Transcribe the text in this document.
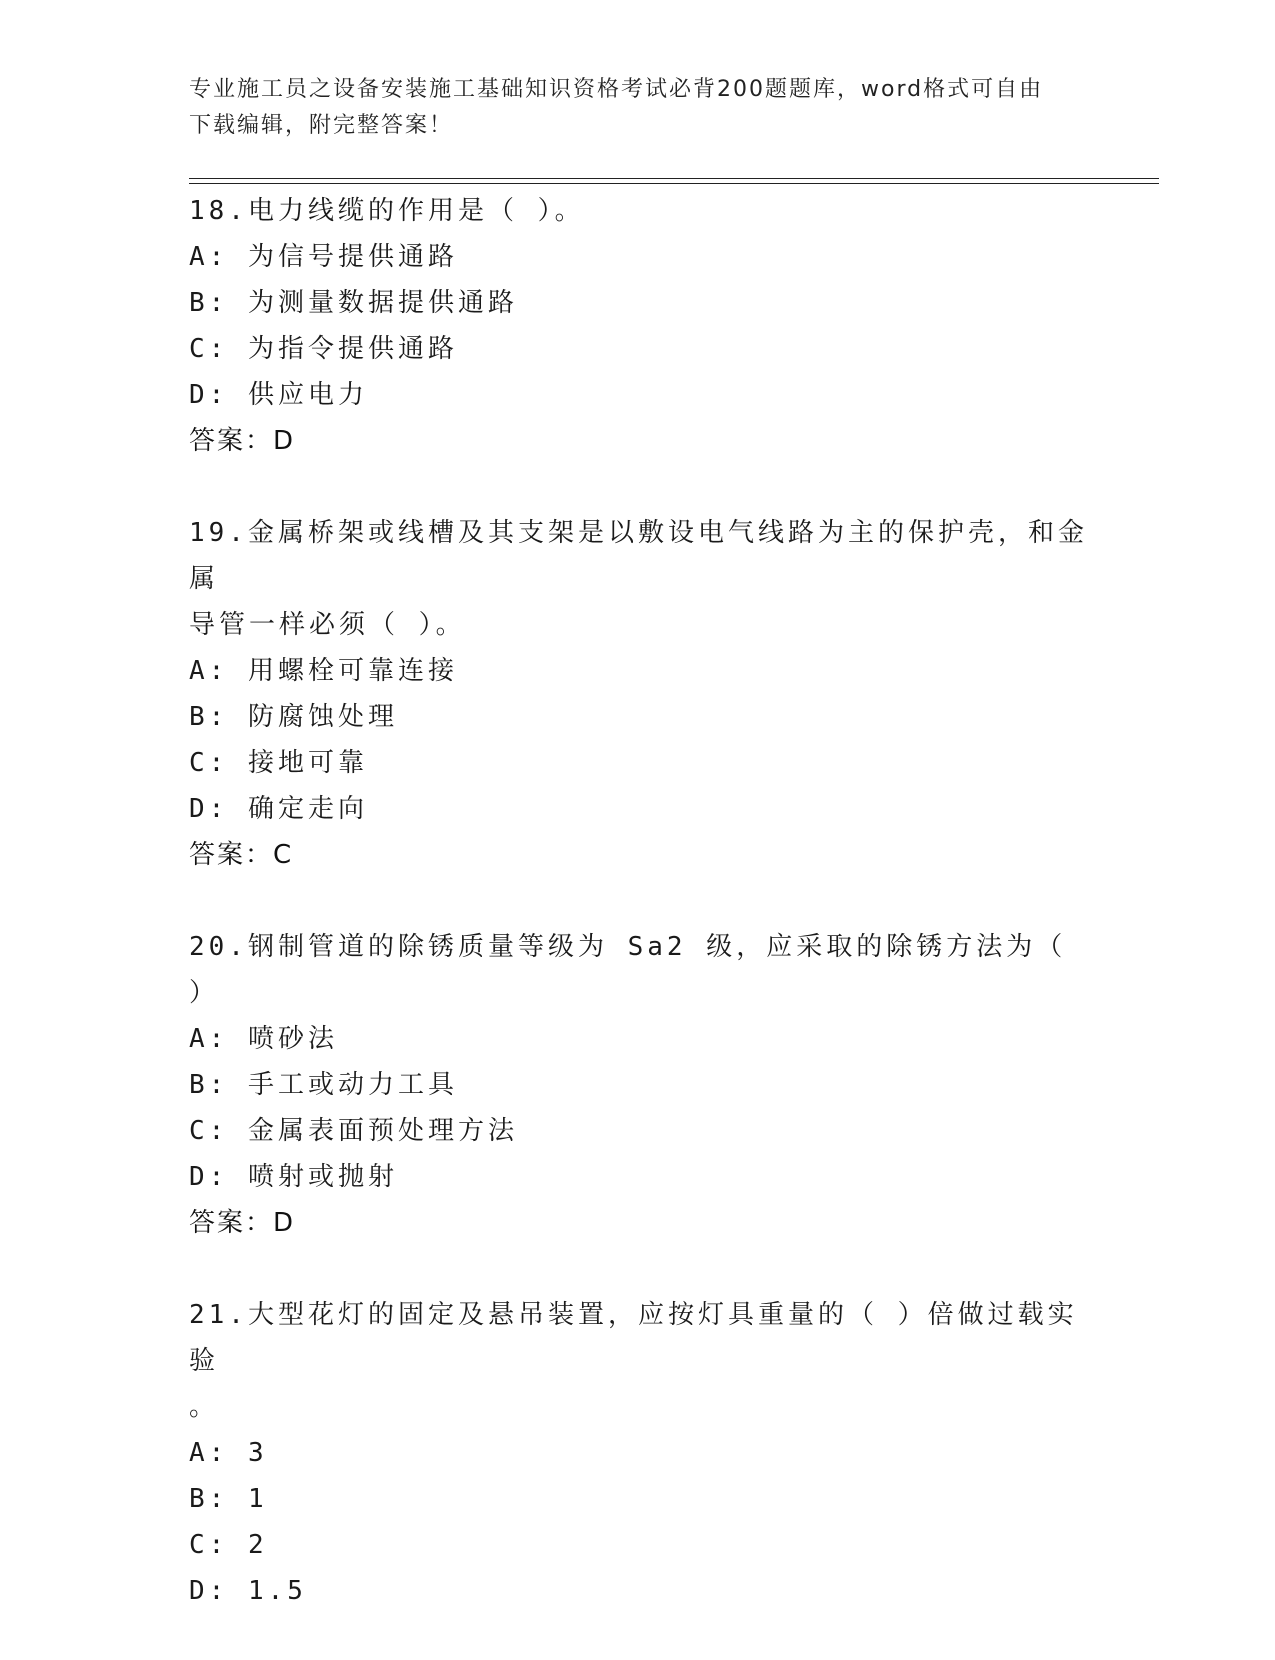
专业施工员之设备安装施工基础知识资格考试必背200题题库，word格式可自由
下载编辑，附完整答案！
18.电力线缆的作用是（ ）。
A: 为信号提供通路
B: 为测量数据提供通路
C: 为指令提供通路
D: 供应电力
答案：D
19.金属桥架或线槽及其支架是以敷设电气线路为主的保护壳，和金属
导管一样必须（ ）。
A: 用螺栓可靠连接
B: 防腐蚀处理
C: 接地可靠
D: 确定走向
答案：C
20.钢制管道的除锈质量等级为 Sa2 级，应采取的除锈方法为（ ）
A: 喷砂法
B: 手工或动力工具
C: 金属表面预处理方法
D: 喷射或抛射
答案：D
21.大型花灯的固定及悬吊装置，应按灯具重量的（ ）倍做过载实验
。
A: 3
B: 1
C: 2
D: 1.5
